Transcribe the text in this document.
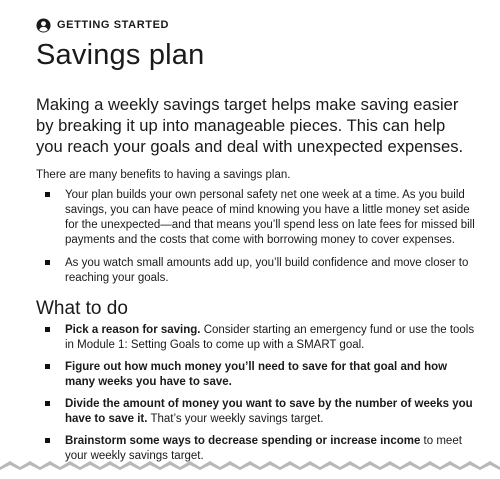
GETTING STARTED
Savings plan

Making a weekly savings target helps make saving easier by breaking it up into manageable pieces. This can help you reach your goals and deal with unexpected expenses.

There are many benefits to having a savings plan.

Your plan builds your own personal safety net one week at a time. As you build savings, you can have peace of mind knowing you have a little money set aside for the unexpected—and that means you’ll spend less on late fees for missed bill payments and the costs that come with borrowing money to cover expenses.
As you watch small amounts add up, you’ll build confidence and move closer to reaching your goals.
What to do
Pick a reason for saving. Consider starting an emergency fund or use the tools in Module 1: Setting Goals to come up with a SMART goal.
Figure out how much money you’ll need to save for that goal and how many weeks you have to save.
Divide the amount of money you want to save by the number of weeks you have to save it. That’s your weekly savings target.
Brainstorm some ways to decrease spending or increase income to meet your weekly savings target.
